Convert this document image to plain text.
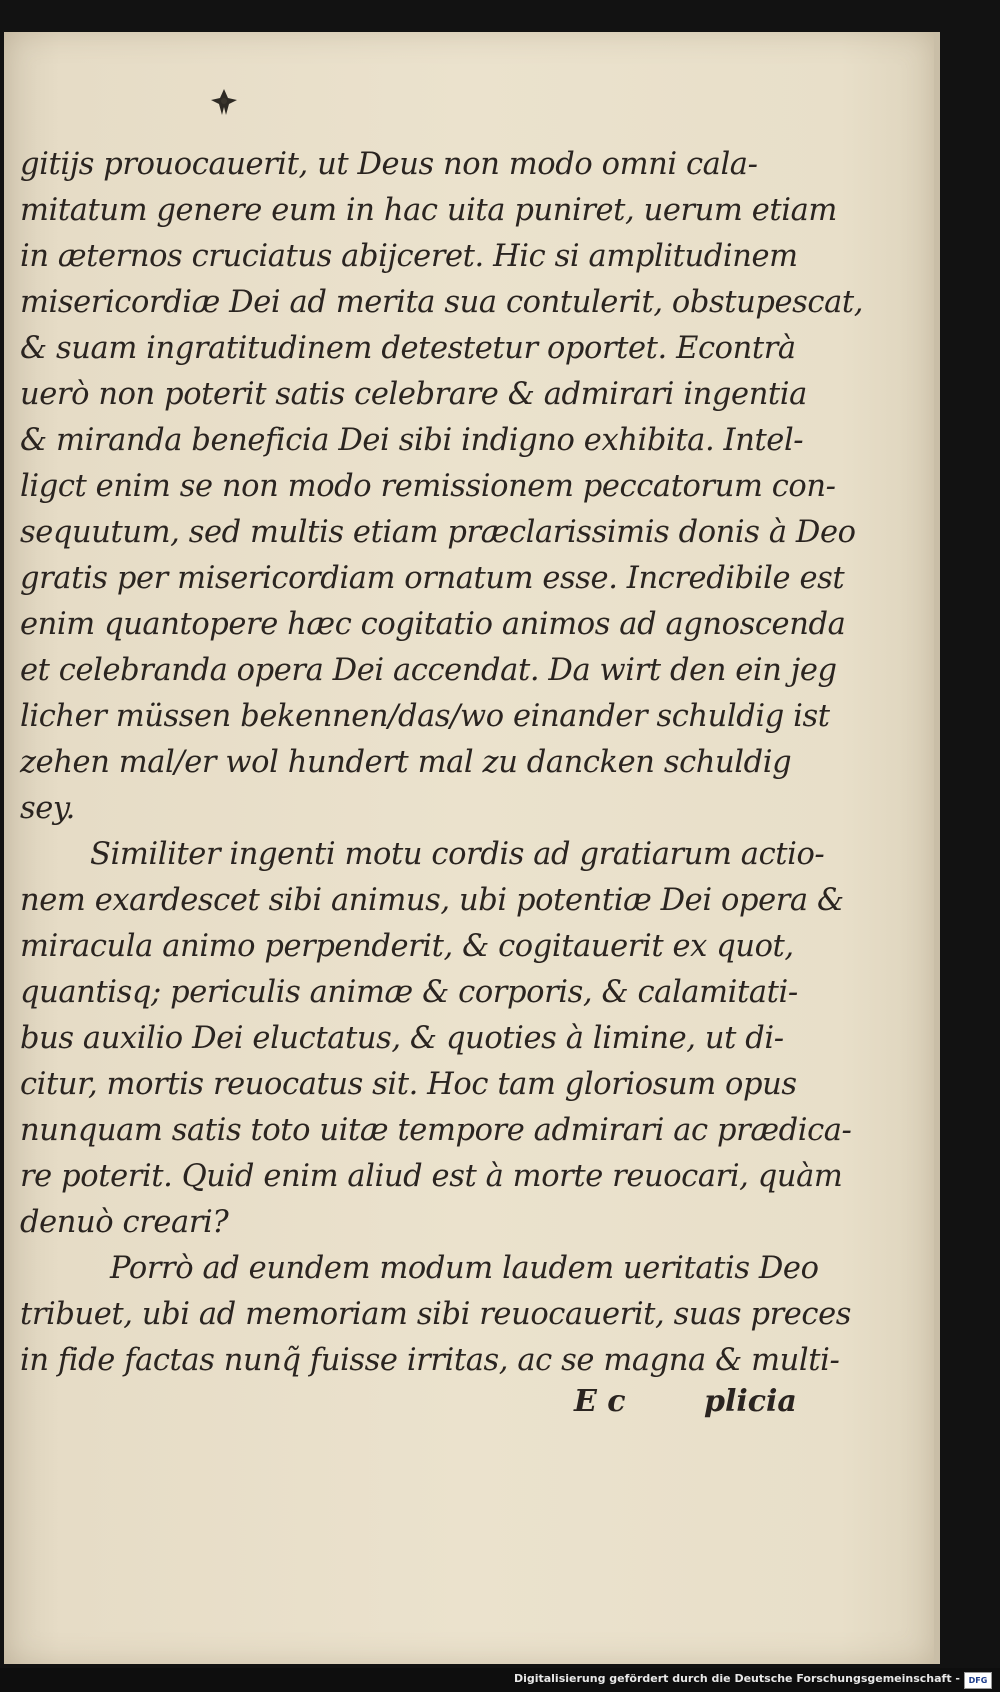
gitijs prouocauerit, ut Deus non modo omni cala-
mitatum genere eum in hac uita puniret, uerum etiam
in æternos cruciatus abijceret. Hic si amplitudinem
misericordiæ Dei ad merita sua contulerit, obstupescat,
& suam ingratitudinem detestetur oportet. Econtrà
uerò non poterit satis celebrare & admirari ingentia
& miranda beneficia Dei sibi indigno exhibita. Intel-
ligct enim se non modo remissionem peccatorum con-
sequutum, sed multis etiam præclarissimis donis à Deo
gratis per misericordiam ornatum esse. Incredibile est
enim quantopere hæc cogitatio animos ad agnoscenda
et celebranda opera Dei accendat. Da wirt den ein jeg
licher müssen bekennen/das/wo einander schuldig ist
zehen mal/er wol hundert mal zu dancken schuldig
sey.
Similiter ingenti motu cordis ad gratiarum actio-
nem exardescet sibi animus, ubi potentiæ Dei opera &
miracula animo perpenderit, & cogitauerit ex quot,
quantisq; periculis animæ & corporis, & calamitati-
bus auxilio Dei eluctatus, & quoties à limine, ut di-
citur, mortis reuocatus sit. Hoc tam gloriosum opus
nunquam satis toto uitæ tempore admirari ac prædica-
re poterit. Quid enim aliud est à morte reuocari, quàm
denuò creari?
Porrò ad eundem modum laudem ueritatis Deo
tribuet, ubi ad memoriam sibi reuocauerit, suas preces
in fide factas nunq̃ fuisse irritas, ac se magna & multi-
E c	plicia
Digitalisierung gefördert durch die Deutsche Forschungsgemeinschaft -	DFG
